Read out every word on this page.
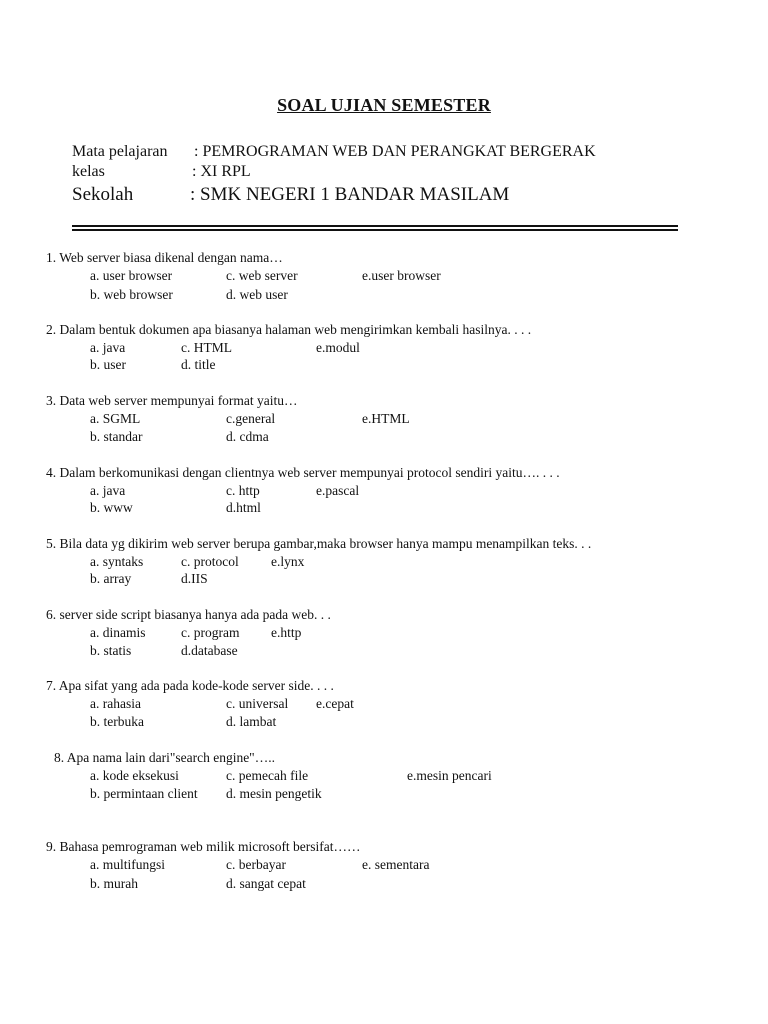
SOAL UJIAN SEMESTER
Mata pelajaran : PEMROGRAMAN WEB DAN PERANGKAT BERGERAK
kelas	: XI RPL
Sekolah	: SMK NEGERI 1 BANDAR MASILAM
1. Web server biasa dikenal dengan nama…
a. user browser	c. web server	e.user browser
b. web browser	d. web user
2. Dalam bentuk dokumen apa biasanya halaman web mengirimkan kembali hasilnya. . . .
a. java	c. HTML	e.modul
b. user	d. title
3. Data web server mempunyai format yaitu…
a. SGML	c.general	e.HTML
b. standar	d. cdma
4. Dalam berkomunikasi dengan clientnya web server mempunyai protocol sendiri yaitu…. . . .
a. java	c. http	e.pascal
b. www	d.html
5. Bila data yg dikirim web server berupa gambar,maka browser hanya mampu menampilkan teks. . .
a. syntaks	c. protocol e.lynx
b. array	d.IIS
6. server side script biasanya hanya ada pada web. . .
a. dinamis	c. program e.http
b. statis	d.database
7. Apa sifat yang ada pada kode-kode server side. . . .
a. rahasia	c. universal e.cepat
b. terbuka	d. lambat
8. Apa nama lain dari"search engine"…..
a. kode eksekusi	c. pemecah file	e.mesin pencari
b. permintaan client d. mesin pengetik
9. Bahasa pemrograman web milik microsoft bersifat……
a. multifungsi	c. berbayar	e. sementara
b. murah	d. sangat cepat
